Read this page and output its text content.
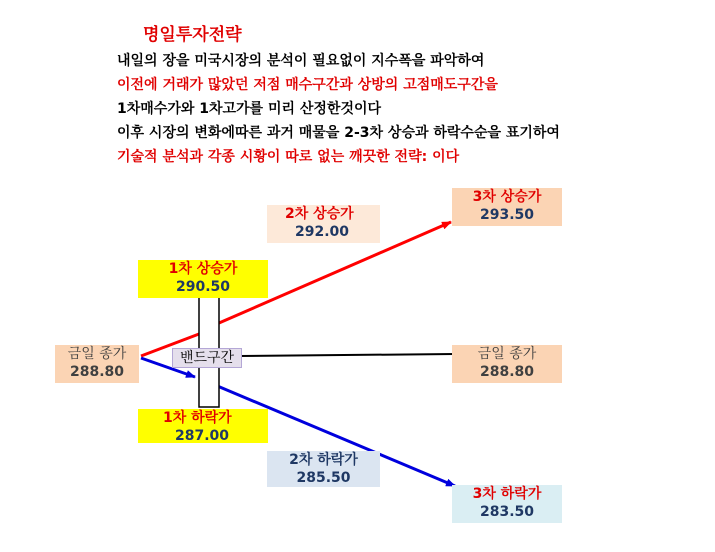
명일투자전략
내일의 장을 미국시장의 분석이 필요없이 지수폭을 파악하여
이전에 거래가 많았던 저점 매수구간과 상방의 고점매도구간을
1차매수가와 1차고가를 미리 산정한것이다
이후 시장의 변화에따른 과거 매물을 2-3차 상승과 하락수순을 표기하여
기술적 분석과 각종 시황이 따로 없는 깨끗한 전략: 이다
금일 종가
288.80
1차 상승가
290.50
2차 상승가
292.00
3차 상승가
293.50
금일 종가
288.80
1차 하락가
287.00
2차 하락가
285.50
3차 하락가
283.50
밴드구간
